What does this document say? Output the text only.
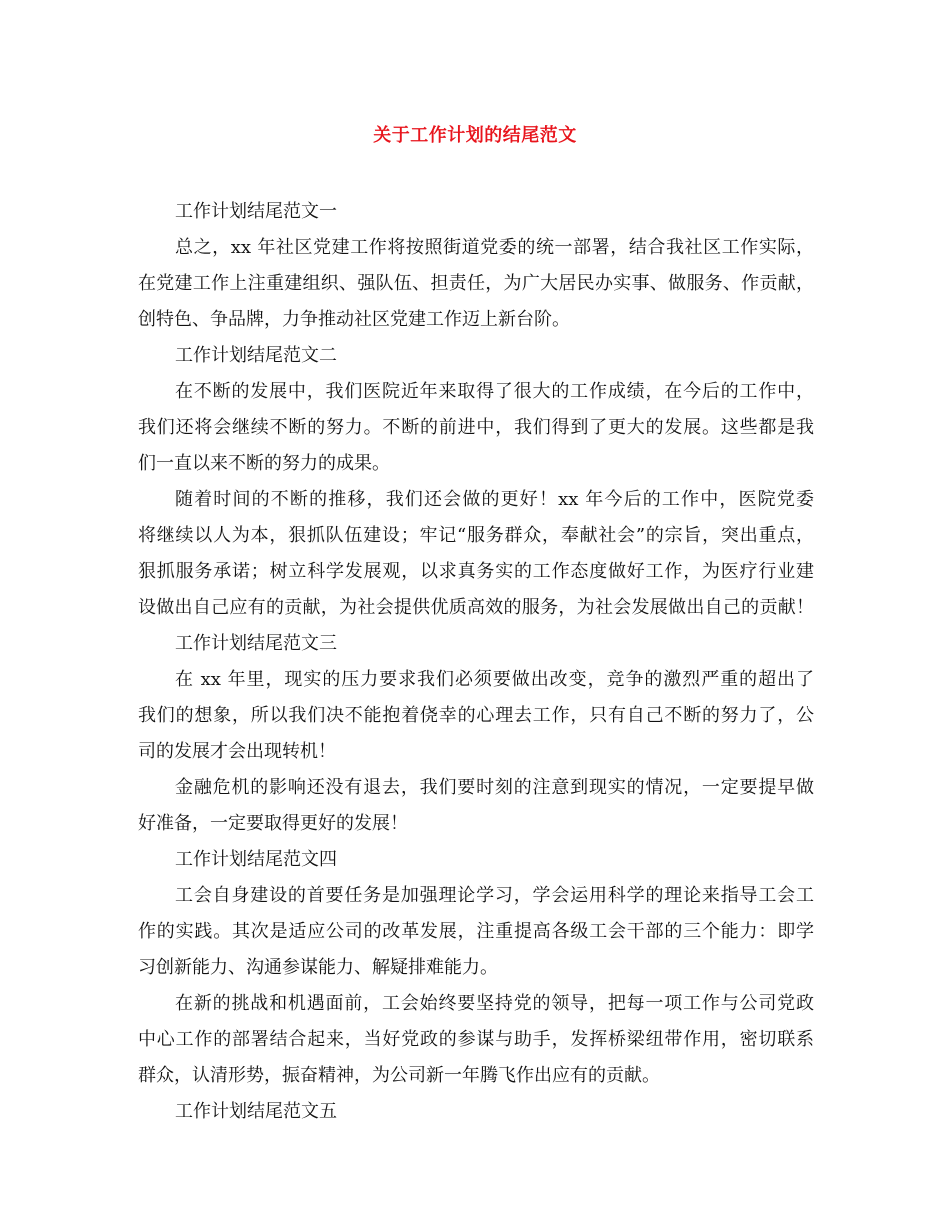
关于工作计划的结尾范文
工作计划结尾范文一
总之，xx 年社区党建工作将按照街道党委的统一部署，结合我社区工作实际，
在党建工作上注重建组织、强队伍、担责任，为广大居民办实事、做服务、作贡献，
创特色、争品牌，力争推动社区党建工作迈上新台阶。
工作计划结尾范文二
在不断的发展中，我们医院近年来取得了很大的工作成绩，在今后的工作中，
我们还将会继续不断的努力。不断的前进中，我们得到了更大的发展。这些都是我
们一直以来不断的努力的成果。
随着时间的不断的推移，我们还会做的更好！xx 年今后的工作中，医院党委
将继续以人为本，狠抓队伍建设；牢记“服务群众，奉献社会”的宗旨，突出重点，
狠抓服务承诺；树立科学发展观，以求真务实的工作态度做好工作，为医疗行业建
设做出自己应有的贡献，为社会提供优质高效的服务，为社会发展做出自己的贡献！
工作计划结尾范文三
在 xx 年里，现实的压力要求我们必须要做出改变，竞争的激烈严重的超出了
我们的想象，所以我们决不能抱着侥幸的心理去工作，只有自己不断的努力了，公
司的发展才会出现转机！
金融危机的影响还没有退去，我们要时刻的注意到现实的情况，一定要提早做
好准备，一定要取得更好的发展！
工作计划结尾范文四
工会自身建设的首要任务是加强理论学习，学会运用科学的理论来指导工会工
作的实践。其次是适应公司的改革发展，注重提高各级工会干部的三个能力：即学
习创新能力、沟通参谋能力、解疑排难能力。
在新的挑战和机遇面前，工会始终要坚持党的领导，把每一项工作与公司党政
中心工作的部署结合起来，当好党政的参谋与助手，发挥桥梁纽带作用，密切联系
群众，认清形势，振奋精神，为公司新一年腾飞作出应有的贡献。
工作计划结尾范文五
